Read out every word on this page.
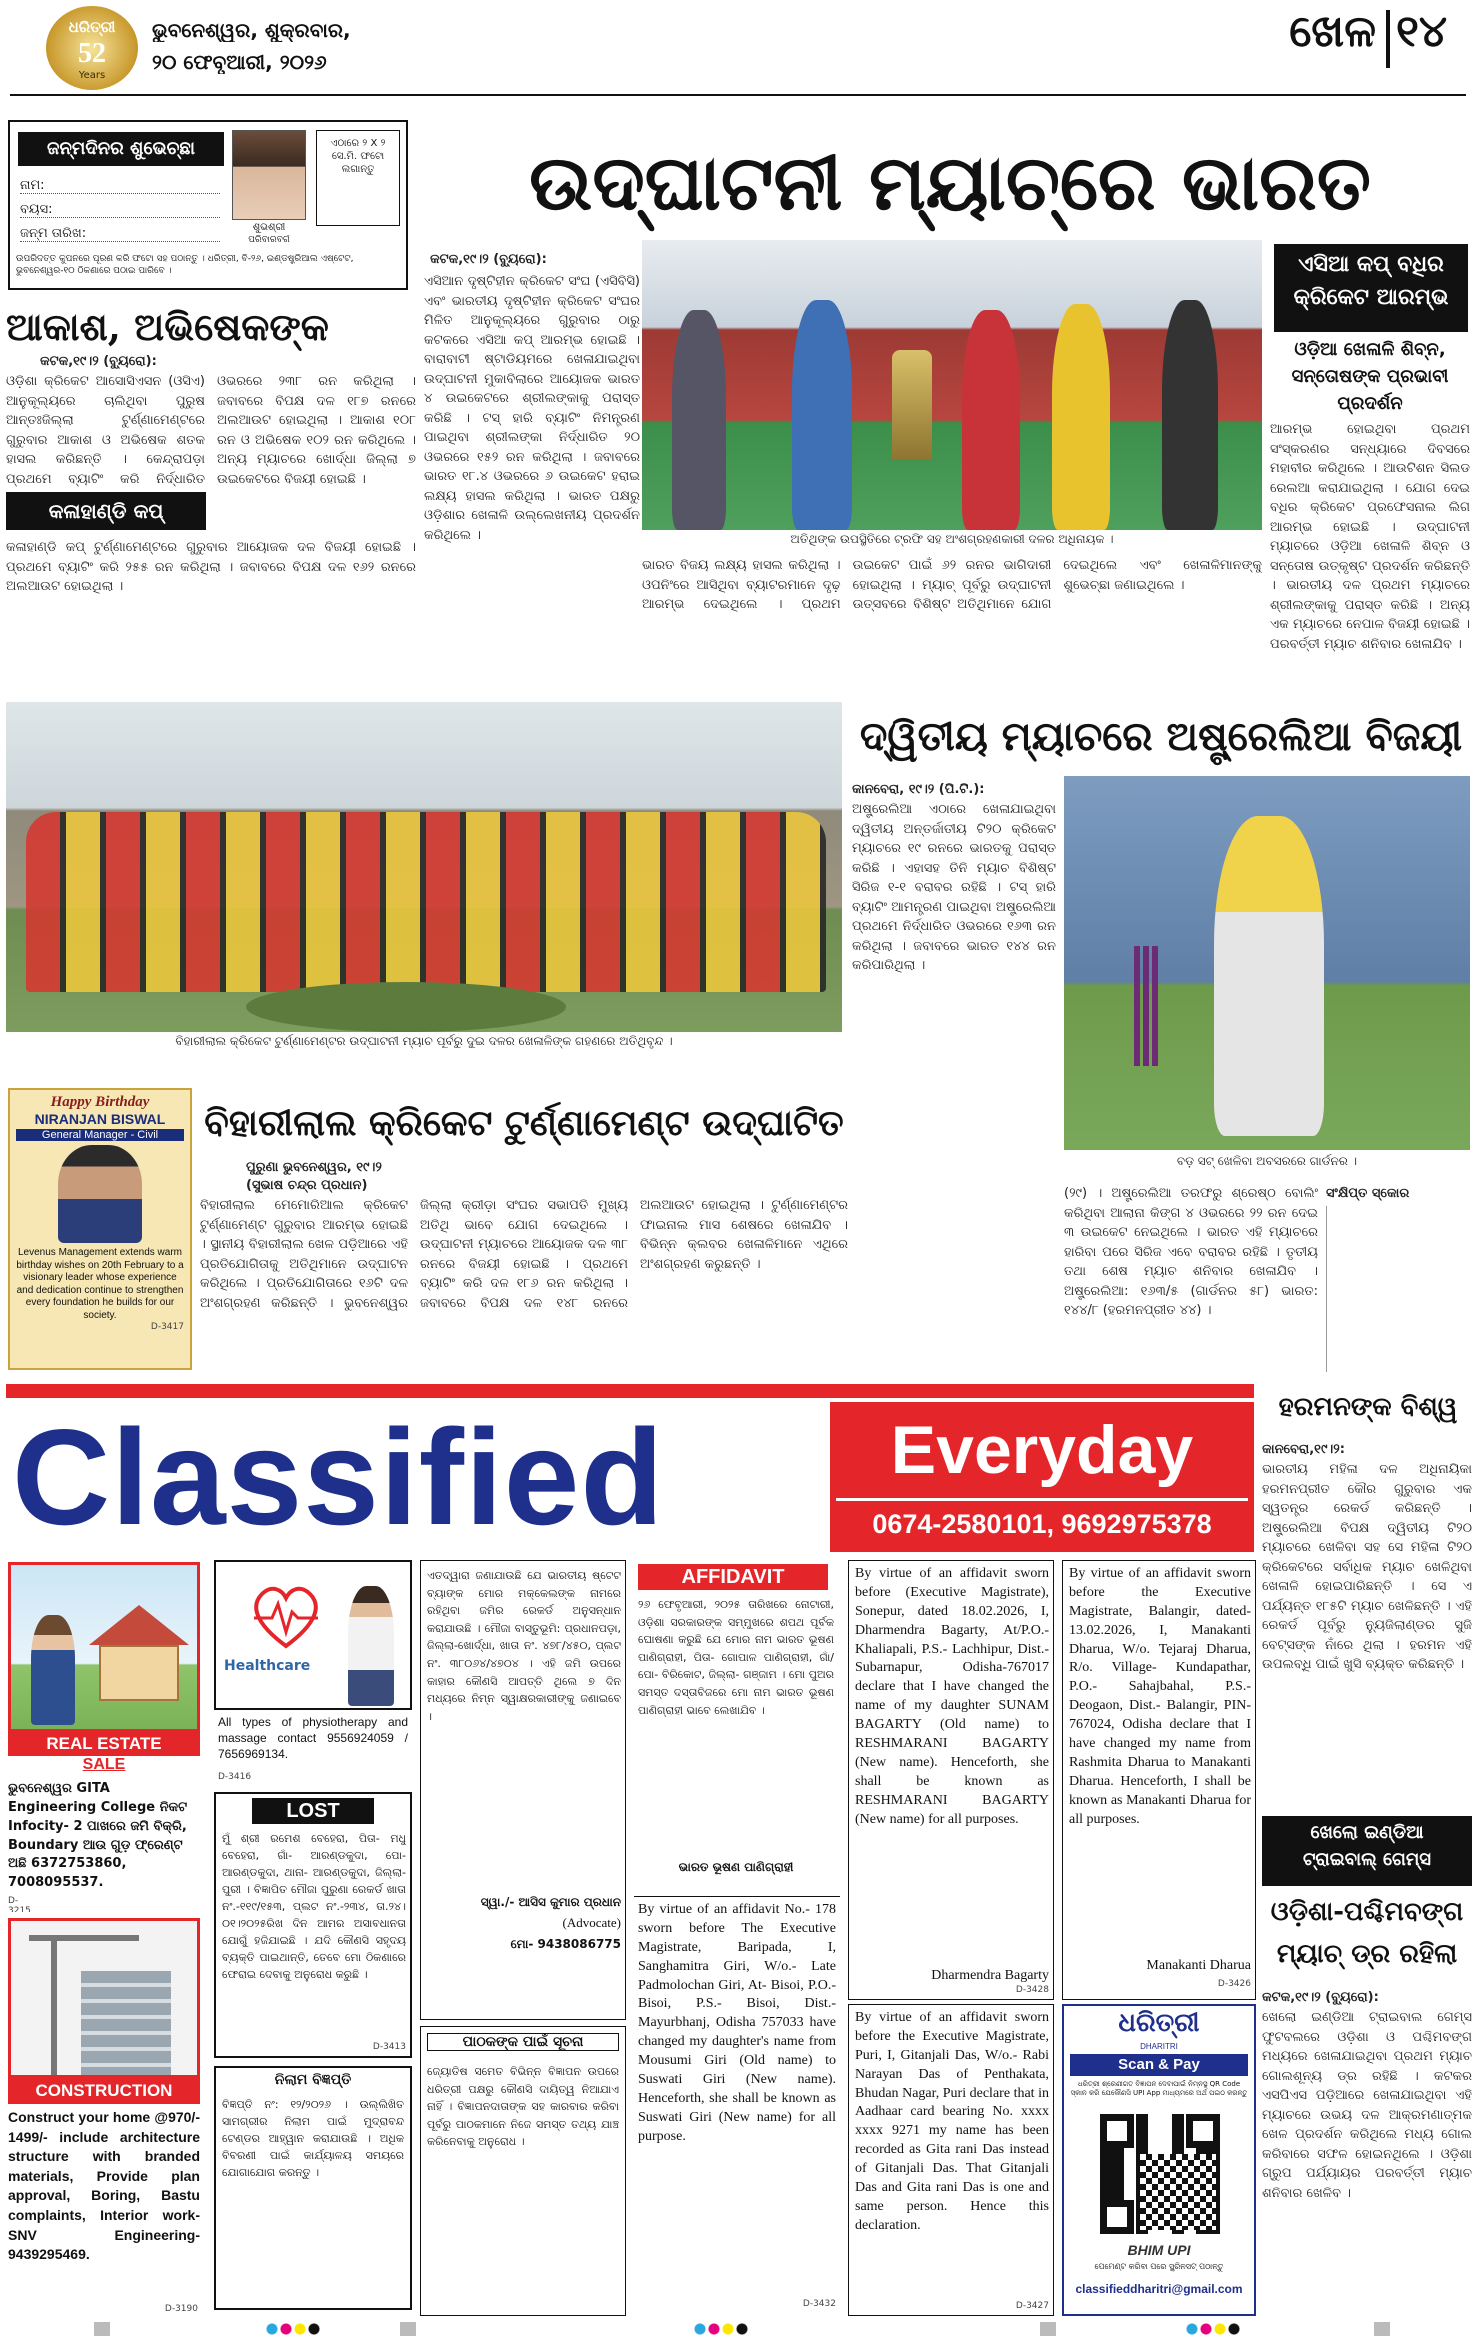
ଧରିତ୍ରୀ
52
Years
ଭୁବନେଶ୍ୱର, ଶୁକ୍ରବାର,
୨୦ ଫେବୃଆରୀ, ୨୦୨୬
ଖେଳ ୧୪
ଜନ୍ମଦିନର ଶୁଭେଚ୍ଛା
ନାମ:
ବୟସ:
ଜନ୍ମ ତାରିଖ:	ଶୁଭଶ୍ରୀ
ପରିବାରବର୍ଗ
ଏଠାରେ ୨ X ୨ ସେ.ମି. ଫଟୋ ଲଗାନ୍ତୁ
ଉପରିଦତ୍ତ କୁପନରେ ପୂରଣ କରି ଫଟୋ ସହ ପଠାନ୍ତୁ । ଧରିତ୍ରୀ, ବି-୨୬, ଇଣ୍ଡଷ୍ଟ୍ରିଆଲ ଏଷ୍ଟେଟ, ଭୁବନେଶ୍ୱର-୧୦ ଠିକଣାରେ ପଠାଇ ପାରିବେ ।
ଉଦ୍‌ଘାଟନୀ ମ୍ୟାଚ୍‌ରେ ଭାରତ
ଆକାଶ, ଅଭିଷେକଙ୍କ
କଟକ,୧୯।୨ (ବ୍ୟୁରୋ):
ଓଡ଼ିଶା କ୍ରିକେଟ ଆସୋସିଏସନ (ଓସିଏ) ଆନୁକୂଲ୍ୟରେ ଚାଲିଥିବା ପୁରୁଷ ଆନ୍ତଃଜିଲ୍ଲା ଟୁର୍ଣ୍ଣାମେଣ୍ଟରେ ଗୁରୁବାର ଆକାଶ ଓ ଅଭିଷେକ ଶତକ ହାସଲ କରିଛନ୍ତି । କେନ୍ଦ୍ରାପଡ଼ା ପ୍ରଥମେ ବ୍ୟାଟିଂ କରି ନିର୍ଦ୍ଧାରିତ ଓଭରରେ ୨୩୮ ରନ କରିଥିଲା । ଜବାବରେ ବିପକ୍ଷ ଦଳ ୧୮୭ ରନରେ ଅଲଆଉଟ ହୋଇଥିଲା । ଆକାଶ ୧୦୮ ରନ ଓ ଅଭିଷେକ ୧୦୨ ରନ କରିଥିଲେ । ଅନ୍ୟ ମ୍ୟାଚରେ ଖୋର୍ଦ୍ଧା ଜିଲ୍ଲା ୭ ଉଇକେଟରେ ବିଜୟୀ ହୋଇଛି ।
କଳାହାଣ୍ଡି କପ୍
କଳାହାଣ୍ଡି କପ୍ ଟୁର୍ଣ୍ଣାମେଣ୍ଟରେ ଗୁରୁବାର ଆୟୋଜକ ଦଳ ବିଜୟୀ ହୋଇଛି । ପ୍ରଥମେ ବ୍ୟାଟିଂ କରି ୨୫୫ ରନ କରିଥିଲା । ଜବାବରେ ବିପକ୍ଷ ଦଳ ୧୬୨ ରନରେ ଅଲଆଉଟ ହୋଇଥିଲା ।
କଟକ,୧୯।୨ (ବ୍ୟୁରୋ):
ଏସିଆନ ଦୃଷ୍ଟିହୀନ କ୍ରିକେଟ ସଂଘ (ଏସିବିସି) ଏବଂ ଭାରତୀୟ ଦୃଷ୍ଟିହୀନ କ୍ରିକେଟ ସଂଘର ମିଳିତ ଆନୁକୂଲ୍ୟରେ ଗୁରୁବାର ଠାରୁ କଟକରେ ଏସିଆ କପ୍ ଆରମ୍ଭ ହୋଇଛି । ବାରାବାଟୀ ଷ୍ଟାଡିୟମରେ ଖେଳାଯାଇଥିବା ଉଦ୍‌ଘାଟନୀ ମୁକାବିଲାରେ ଆୟୋଜକ ଭାରତ ୪ ଉଇକେଟରେ ଶ୍ରୀଲଙ୍କାକୁ ପରାସ୍ତ କରିଛି । ଟସ୍ ହାରି ବ୍ୟାଟିଂ ନିମନ୍ତ୍ରଣ ପାଇଥିବା ଶ୍ରୀଲଙ୍କା ନିର୍ଦ୍ଧାରିତ ୨୦ ଓଭରରେ ୧୫୨ ରନ କରିଥିଲା । ଜବାବରେ ଭାରତ ୧୮.୪ ଓଭରରେ ୬ ଉଇକେଟ ହରାଇ ଲକ୍ଷ୍ୟ ହାସଲ କରିଥିଲା । ଭାରତ ପକ୍ଷରୁ ଓଡ଼ିଶାର ଖେଳାଳି ଉଲ୍ଲେଖନୀୟ ପ୍ରଦର୍ଶନ କରିଥିଲେ ।	ଅତିଥିଙ୍କ ଉପସ୍ଥିତିରେ ଟ୍ରଫି ସହ ଅଂଶଗ୍ରହଣକାରୀ ଦଳର ଅଧିନାୟକ ।
ଭାରତ ବିଜୟ ଲକ୍ଷ୍ୟ ହାସଲ କରିଥିଲା । ଓପନିଂରେ ଆସିଥିବା ବ୍ୟାଟରମାନେ ଦୃଢ଼ ଆରମ୍ଭ ଦେଇଥିଲେ । ପ୍ରଥମ ଉଇକେଟ ପାଇଁ ୬୨ ରନର ଭାଗିଦାରୀ ହୋଇଥିଲା । ମ୍ୟାଚ୍ ପୂର୍ବରୁ ଉଦ୍‌ଘାଟନୀ ଉତ୍ସବରେ ବିଶିଷ୍ଟ ଅତିଥିମାନେ ଯୋଗ ଦେଇଥିଲେ ଏବଂ ଖେଳାଳିମାନଙ୍କୁ ଶୁଭେଚ୍ଛା ଜଣାଇଥିଲେ ।
ଏସିଆ କପ୍ ବଧିର
କ୍ରିକେଟ ଆରମ୍ଭ
ଓଡ଼ିଆ ଖେଳାଳି ଶିବ୍‌ନ,
ସନ୍ତୋଷଙ୍କ ପ୍ରଭାବୀ ପ୍ରଦର୍ଶନ
ଆରମ୍ଭ ହୋଇଥିବା ପ୍ରଥମ ସଂସ୍କରଣର ସନ୍ଧ୍ୟାରେ ଦିବସରେ ମହାବୀର କରିଥିଲେ । ଆଉଟିଶନ ସିଲଡ ରେଲଆ କରାଯାଇଥିଲା । ଯୋଗ ଦେଇ ବଧିର କ୍ରିକେଟ ପ୍ରଫେସନାଲ ଲିଗ ଆରମ୍ଭ ହୋଇଛି । ଉଦ୍‌ଘାଟନୀ ମ୍ୟାଚରେ ଓଡ଼ିଆ ଖେଳାଳି ଶିବ୍‌ନ ଓ ସନ୍ତୋଷ ଉତ୍କୃଷ୍ଟ ପ୍ରଦର୍ଶନ କରିଛନ୍ତି । ଭାରତୀୟ ଦଳ ପ୍ରଥମ ମ୍ୟାଚରେ ଶ୍ରୀଲଙ୍କାକୁ ପରାସ୍ତ କରିଛି । ଅନ୍ୟ ଏକ ମ୍ୟାଚରେ ନେପାଳ ବିଜୟୀ ହୋଇଛି । ପରବର୍ତ୍ତୀ ମ୍ୟାଚ ଶନିବାର ଖେଳାଯିବ ।
ବିହାରୀଲାଲ କ୍ରିକେଟ ଟୁର୍ଣ୍ଣାମେଣ୍ଟର ଉଦ୍‌ଘାଟନୀ ମ୍ୟାଚ ପୂର୍ବରୁ ଦୁଇ ଦଳର ଖେଳାଳିଙ୍କ ଗହଣରେ ଅତିଥିବୃନ୍ଦ ।
ଦ୍ୱିତୀୟ ମ୍ୟାଚରେ ଅଷ୍ଟ୍ରେଲିଆ ବିଜୟୀ
କାନବେରା, ୧୯।୨ (ପି.ଟି.):
ଅଷ୍ଟ୍ରେଲିଆ ଏଠାରେ ଖେଳାଯାଇଥିବା ଦ୍ୱିତୀୟ ଅନ୍ତର୍ଜାତୀୟ ଟି୨୦ କ୍ରିକେଟ ମ୍ୟାଚରେ ୧୯ ରନରେ ଭାରତକୁ ପରାସ୍ତ କରିଛି । ଏହାସହ ତିନି ମ୍ୟାଚ ବିଶିଷ୍ଟ ସିରିଜ ୧-୧ ବରାବର ରହିଛି । ଟସ୍ ହାରି ବ୍ୟାଟିଂ ଆମନ୍ତ୍ରଣ ପାଇଥିବା ଅଷ୍ଟ୍ରେଲିଆ ପ୍ରଥମେ ନିର୍ଦ୍ଧାରିତ ଓଭରରେ ୧୬୩ ରନ କରିଥିଲା । ଜବାବରେ ଭାରତ ୧୪୪ ରନ କରିପାରିଥିଲା ।
ବଡ଼ ସଟ୍ ଖେଳିବା ଅବସରରେ ଗାର୍ଡନର ।
Happy Birthday
NIRANJAN BISWAL
General Manager - Civil
Levenus Management extends warm birthday wishes on 20th February to a visionary leader whose experience and dedication continue to strengthen every foundation he builds for our society.
D-3417
ବିହାରୀଲାଲ କ୍ରିକେଟ ଟୁର୍ଣ୍ଣାମେଣ୍ଟ ଉଦ୍‌ଘାଟିତ
ପୁରୁଣା ଭୁବନେଶ୍ୱର, ୧୯।୨
(ସୁଭାଷ ଚନ୍ଦ୍ର ପ୍ରଧାନ)
ବିହାରୀଲାଲ ମେମୋରିଆଲ କ୍ରିକେଟ ଟୁର୍ଣ୍ଣାମେଣ୍ଟ ଗୁରୁବାର ଆରମ୍ଭ ହୋଇଛି । ସ୍ଥାନୀୟ ବିହାରୀଲାଲ ଖେଳ ପଡ଼ିଆରେ ଏହି ପ୍ରତିଯୋଗିତାକୁ ଅତିଥିମାନେ ଉଦ୍‌ଘାଟନ କରିଥିଲେ । ପ୍ରତିଯୋଗିତାରେ ୧୬ଟି ଦଳ ଅଂଶଗ୍ରହଣ କରିଛନ୍ତି । ଭୁବନେଶ୍ୱର ଜିଲ୍ଲା କ୍ରୀଡ଼ା ସଂଘର ସଭାପତି ମୁଖ୍ୟ ଅତିଥି ଭାବେ ଯୋଗ ଦେଇଥିଲେ । ଉଦ୍‌ଘାଟନୀ ମ୍ୟାଚରେ ଆୟୋଜକ ଦଳ ୩୮ ରନରେ ବିଜୟୀ ହୋଇଛି । ପ୍ରଥମେ ବ୍ୟାଟିଂ କରି ଦଳ ୧୮୬ ରନ କରିଥିଲା । ଜବାବରେ ବିପକ୍ଷ ଦଳ ୧୪୮ ରନରେ ଅଲଆଉଟ ହୋଇଥିଲା । ଟୁର୍ଣ୍ଣାମେଣ୍ଟର ଫାଇନାଲ ମାସ ଶେଷରେ ଖେଳାଯିବ । ବିଭିନ୍ନ କ୍ଲବର ଖେଳାଳିମାନେ ଏଥିରେ ଅଂଶଗ୍ରହଣ କରୁଛନ୍ତି ।
(୨୯) । ଅଷ୍ଟ୍ରେଲିଆ ତରଫରୁ ଶ୍ରେଷ୍ଠ ବୋଲିଂ କରିଥିବା ଆଲାନା କିଙ୍ଗ ୪ ଓଭରରେ ୨୨ ରନ ଦେଇ ୩ ଉଇକେଟ ନେଇଥିଲେ । ଭାରତ ଏହି ମ୍ୟାଚରେ ହାରିବା ପରେ ସିରିଜ ଏବେ ବରାବର ରହିଛି । ତୃତୀୟ ତଥା ଶେଷ ମ୍ୟାଚ ଶନିବାର ଖେଳାଯିବ । ଅଷ୍ଟ୍ରେଲିଆ: ୧୬୩/୫ (ଗାର୍ଡନର ୫୮) ଭାରତ: ୧୪୪/୮ (ହରମନପ୍ରୀତ ୪୪) ।
ସଂକ୍ଷିପ୍ତ ସ୍କୋର
Classified	Everyday
0674-2580101, 9692975378
ହରମନଙ୍କ ବିଶ୍ୱ
କାନବେରା,୧୯।୨:
ଭାରତୀୟ ମହିଳା ଦଳ ଅଧିନାୟିକା ହରମନପ୍ରୀତ କୌର ଗୁରୁବାର ଏକ ସ୍ୱତନ୍ତ୍ର ରେକର୍ଡ କରିଛନ୍ତି । ଅଷ୍ଟ୍ରେଲିଆ ବିପକ୍ଷ ଦ୍ୱିତୀୟ ଟି୨୦ ମ୍ୟାଚରେ ଖେଳିବା ସହ ସେ ମହିଳା ଟି୨୦ କ୍ରିକେଟରେ ସର୍ବାଧିକ ମ୍ୟାଚ ଖେଳିଥିବା ଖେଳାଳି ହୋଇପାରିଛନ୍ତି । ସେ ଏ ପର୍ଯ୍ୟନ୍ତ ୧୮୫ଟି ମ୍ୟାଚ ଖେଳିଛନ୍ତି । ଏହି ରେକର୍ଡ ପୂର୍ବରୁ ନ୍ୟୁଜିଲାଣ୍ଡର ସୁଜି ବେଟ୍‌ସଙ୍କ ନାଁରେ ଥିଲା । ହରମନ ଏହି ଉପଲବ୍ଧି ପାଇଁ ଖୁସି ବ୍ୟକ୍ତ କରିଛନ୍ତି ।
ଖେଲୋ ଇଣ୍ଡିଆ
ଟ୍ରାଇବାଲ୍ ଗେମ୍ସ
ଓଡ଼ିଶା-ପଶ୍ଚିମବଙ୍ଗ
ମ୍ୟାଚ୍ ଡ୍ର ରହିଲା
କଟକ,୧୯।୨ (ବ୍ୟୁରୋ):
ଖେଲୋ ଇଣ୍ଡିଆ ଟ୍ରାଇବାଲ ଗେମ୍ସ ଫୁଟବଲରେ ଓଡ଼ିଶା ଓ ପଶ୍ଚିମବଙ୍ଗ ମଧ୍ୟରେ ଖେଳାଯାଇଥିବା ପ୍ରଥମ ମ୍ୟାଚ ଗୋଲଶୂନ୍ୟ ଡ୍ର ରହିଛି । କଟକର ଏସପିଏସ ପଡ଼ିଆରେ ଖେଳାଯାଇଥିବା ଏହି ମ୍ୟାଚରେ ଉଭୟ ଦଳ ଆକ୍ରମଣାତ୍ମକ ଖେଳ ପ୍ରଦର୍ଶନ କରିଥିଲେ ମଧ୍ୟ ଗୋଲ କରିବାରେ ସଫଳ ହୋଇନଥିଲେ । ଓଡ଼ିଶା ଗ୍ରୁପ ପର୍ଯ୍ୟାୟର ପରବର୍ତ୍ତୀ ମ୍ୟାଚ ଶନିବାର ଖେଳିବ ।
REAL ESTATE
SALE
ଭୁବନେଶ୍ୱର GITA Engineering College ନିକଟ Infocity- 2 ପାଖରେ ଜମି ବିକ୍ରି, Boundary ଆଉ ଗୁଡ଼ ଫ୍ରେଣ୍ଟ ଅଛି 6372753860, 7008095537.
D-3215
CONSTRUCTION
Construct your home @970/- 1499/- include architecture structure with branded materials, Provide plan approval, Boring, Bastu complaints, Interior work- SNV Engineering- 9439295469.
D-3190
Healthcare
All types of physiotherapy and massage contact 9556924059 / 7656969134.
D-3416
LOST
ମୁଁ ଶ୍ରୀ ରମେଶ ବେହେରା, ପିତା- ମଧୁ ବେହେରା, ଗାଁ- ଆରଣ୍ଡକୁଦା, ପୋ- ଆରଣ୍ଡକୁଦା, ଥାନା- ଆରଣ୍ଡକୁଦା, ଜିଲ୍ଲା-ପୁରୀ । ବିଜ୍ଞାପିତ ମୌଜା ପୁରୁଣା ରେକର୍ଡ ଖାତା ନଂ.-୧୧୯/୧୫୩, ପ୍ଲଟ ନଂ.-୨୩୪, ତା.୨୪।୦୧।୨୦୨୫ରିଖ ଦିନ ଆମର ଅସାବଧାନତା ଯୋଗୁଁ ହଜିଯାଇଛି । ଯଦି କୌଣସି ସହୃଦୟ ବ୍ୟକ୍ତି ପାଇଥାନ୍ତି, ତେବେ ମୋ ଠିକଣାରେ ଫେରାଇ ଦେବାକୁ ଅନୁରୋଧ କରୁଛି ।
D-3413
ନିଲାମ ବିଜ୍ଞପ୍ତି
ବିଜ୍ଞପ୍ତି ନଂ: ୧୨/୨୦୨୬ । ଉଲ୍ଲିଖିତ ସାମଗ୍ରୀର ନିଲାମ ପାଇଁ ମୁଦ୍ରାବନ୍ଦ ଟେଣ୍ଡର ଆହ୍ୱାନ କରାଯାଉଛି । ଅଧିକ ବିବରଣୀ ପାଇଁ କାର୍ଯ୍ୟାଳୟ ସମୟରେ ଯୋଗାଯୋଗ କରନ୍ତୁ ।
ଏତଦ୍ୱାରା ଜଣାଯାଉଛି ଯେ ଭାରତୀୟ ଷ୍ଟେଟ ବ୍ୟାଙ୍କ ମୋର ମକ୍କେଲଙ୍କ ନାମରେ ରହିଥିବା ଜମିର ରେକର୍ଡ ଅନୁସନ୍ଧାନ କରାଯାଉଛି । ମୌଜା ବାସ୍ତୁଭୂମି: ପ୍ରଧାନପଡ଼ା, ଜିଲ୍ଲା-ଖୋର୍ଦ୍ଧା, ଖାତା ନଂ. ୪୭୮/୪୫୦, ପ୍ଲଟ ନଂ. ୩୮୦୬୪/୪୭୦୪ । ଏହି ଜମି ଉପରେ କାହାର କୌଣସି ଆପତ୍ତି ଥିଲେ ୭ ଦିନ ମଧ୍ୟରେ ନିମ୍ନ ସ୍ୱାକ୍ଷରକାରୀଙ୍କୁ ଜଣାଇବେ ।
ସ୍ୱା./- ଆସିସ କୁମାର ପ୍ରଧାନ
(Advocate)
ମୋ- 9438086775
ପାଠକଙ୍କ ପାଇଁ ସୂଚନା
ଜ୍ୟୋତିଷ ସମେତ ବିଭିନ୍ନ ବିଜ୍ଞାପନ ଉପରେ ଧରିତ୍ରୀ ପକ୍ଷରୁ କୌଣସି ଦାୟିତ୍ୱ ନିଆଯାଏ ନାହିଁ । ବିଜ୍ଞାପନଦାତାଙ୍କ ସହ କାରବାର କରିବା ପୂର୍ବରୁ ପାଠକମାନେ ନିଜେ ସମସ୍ତ ତଥ୍ୟ ଯାଞ୍ଚ କରିନେବାକୁ ଅନୁରୋଧ ।
AFFIDAVIT
୨୬ ଫେବୃଆରୀ, ୨୦୨୫ ତାରିଖରେ ନୋଟାରୀ, ଓଡ଼ିଶା ସରକାରଙ୍କ ସମ୍ମୁଖରେ ଶପଥ ପୂର୍ବକ ଘୋଷଣା କରୁଛି ଯେ ମୋର ନାମ ଭାରତ ଭୂଷଣ ପାଣିଗ୍ରାହୀ, ପିତା- ଗୋପାଳ ପାଣିଗ୍ରାହୀ, ଗାଁ/ପୋ- ବିରିକୋଟ, ଜିଲ୍ଲା- ଗଞ୍ଜାମ । ମୋ ପୁଅର ସମସ୍ତ ଦସ୍ତାବିଜରେ ମୋ ନାମ ଭାରତ ଭୂଷଣ ପାଣିଗ୍ରାହୀ ଭାବେ ଲେଖାଯିବ ।
ଭାରତ ଭୂଷଣ ପାଣିଗ୍ରାହୀ
By virtue of an affidavit No.- 178 sworn before The Executive Magistrate, Baripada, I, Sanghamitra Giri, W/o.- Late Padmolochan Giri, At- Bisoi, P.O.- Bisoi, P.S.- Bisoi, Dist.- Mayurbhanj, Odisha 757033 have changed my daughter's name from Mousumi Giri (Old name) to Suswati Giri (New name). Henceforth, she shall be known as Suswati Giri (New name) for all purpose.
D-3432
By virtue of an affidavit sworn before (Executive Magistrate), Sonepur, dated 18.02.2026, I, Dharmendra Bagarty, At/P.O.- Khaliapali, P.S.- Lachhipur, Dist.- Subarnapur, Odisha-767017 declare that I have changed the name of my daughter SUNAM BAGARTY (Old name) to RESHMARANI BAGARTY (New name). Henceforth, she shall be known as RESHMARANI BAGARTY (New name) for all purposes.
Dharmendra Bagarty
D-3428
By virtue of an affidavit sworn before the Executive Magistrate, Puri, I, Gitanjali Das, W/o.- Rabi Narayan Das of Penthakata, Bhudan Nagar, Puri declare that in Aadhaar card bearing No. xxxx xxxx 9271 my name has been recorded as Gita rani Das instead of Gitanjali Das. That Gitanjali Das and Gita rani Das is one and same person. Hence this declaration.
D-3427
By virtue of an affidavit sworn before the Executive Magistrate, Balangir, dated- 13.02.2026, I, Manakanti Dharua, W/o. Tejaraj Dharua, R/o. Village- Kundapathar, P.O.- Sahajbahal, P.S.- Deogaon, Dist.- Balangir, PIN- 767024, Odisha declare that I have changed my name from Rashmita Dharua to Manakanti Dharua. Henceforth, I shall be known as Manakanti Dharua for all purposes.
Manakanti Dharua
D-3426
ଧରିତ୍ରୀ
DHARITRI
Scan & Pay
ଧରିତ୍ରୀ ଶ୍ରେଣୀଗତ ବିଜ୍ଞାପନ ଦେବାପାଇଁ ନିମ୍ନସ୍ଥ QR Code ସ୍କାନ କରି ଯେକୌଣସି UPI App ମାଧ୍ୟମରେ ଅର୍ଥ ପଇଠ କରନ୍ତୁ
BHIM UPI
ପେମେଣ୍ଟ କରିବା ପରେ ସ୍କ୍ରିନସଟ୍ ପଠାନ୍ତୁ
classifieddharitri@gmail.com
